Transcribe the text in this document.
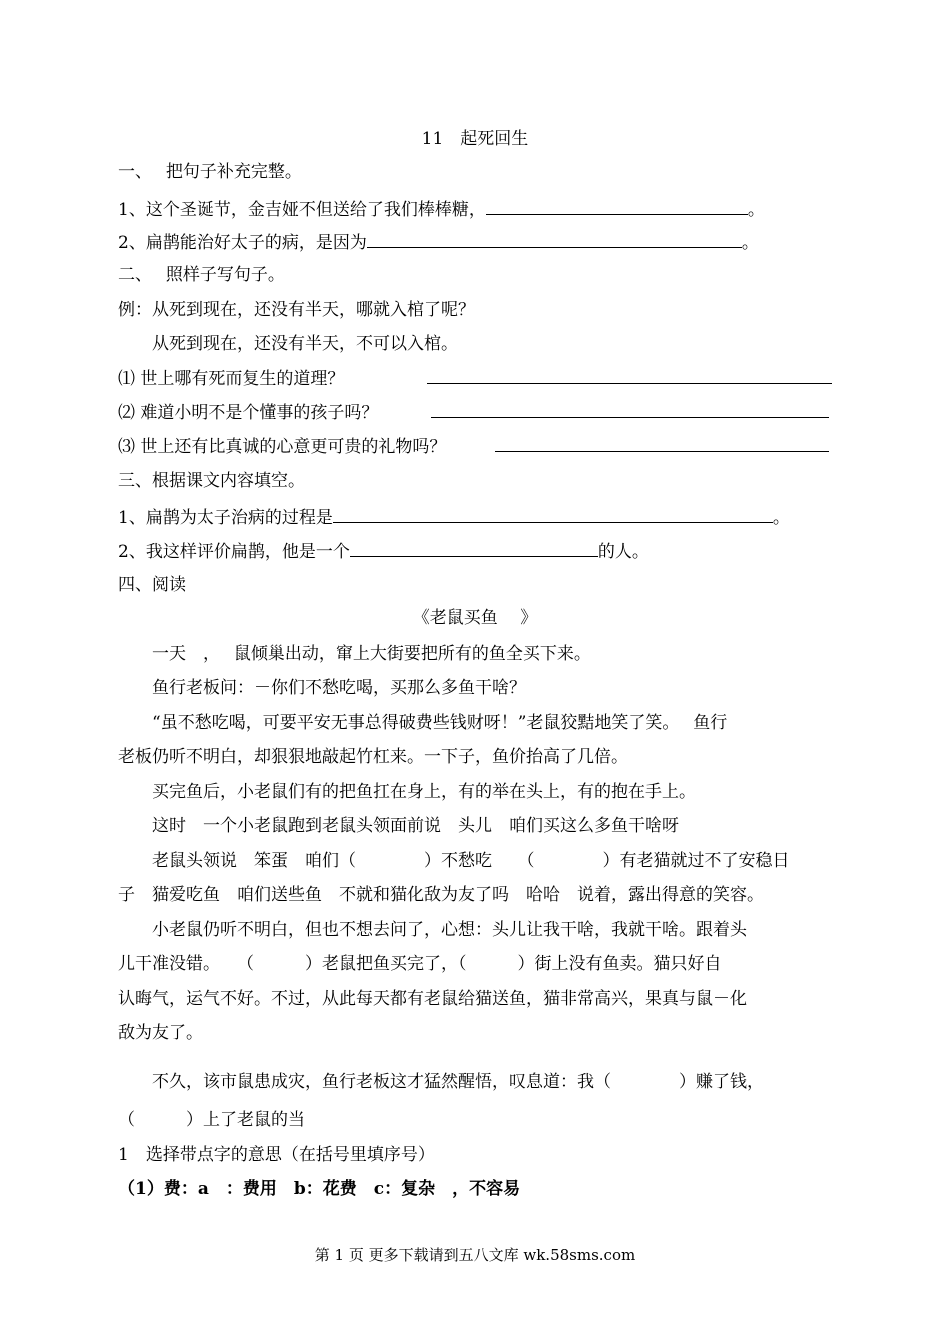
11　起死回生
一、　 把句子补充完整。
1、这个圣诞节，金吉娅不但送给了我们棒棒糖，	。
2、扁鹊能治好太子的病，是因为	。
二、　 照样子写句子。
例：从死到现在，还没有半天，哪就入棺了呢？
从死到现在，还没有半天，不可以入棺。
⑴ 世上哪有死而复生的道理？
⑵ 难道小明不是个懂事的孩子吗？
⑶ 世上还有比真诚的心意更可贵的礼物吗？
三、根据课文内容填空。
1、扁鹊为太子治病的过程是	。
2、我这样评价扁鹊，他是一个	的人。
四、阅读
《老鼠买鱼　 》
一天　，　 鼠倾巢出动，窜上大街要把所有的鱼全买下来。
鱼行老板问：－你们不愁吃喝，买那么多鱼干啥？
“虽不愁吃喝，可要平安无事总得破费些钱财呀！”老鼠狡黠地笑了笑。　 鱼行
老板仍听不明白，却狠狠地敲起竹杠来。一下子，鱼价抬高了几倍。
买完鱼后，小老鼠们有的把鱼扛在身上，有的举在头上，有的抱在手上。
这时　一个小老鼠跑到老鼠头领面前说　头儿　咱们买这么多鱼干啥呀
老鼠头领说　笨蛋　咱们（　　　　）不愁吃　　（　　　　）有老猫就过不了安稳日
子　猫爱吃鱼　咱们送些鱼　不就和猫化敌为友了吗　哈哈　说着，露出得意的笑容。
小老鼠仍听不明白，但也不想去问了，心想：头儿让我干啥，我就干啥。跟着头
儿干准没错。　　（　　　）老鼠把鱼买完了，（　　　）街上没有鱼卖。猫只好自
认晦气，运气不好。不过，从此每天都有老鼠给猫送鱼，猫非常高兴，果真与鼠－化
敌为友了。
不久，该市鼠患成灾，鱼行老板这才猛然醒悟，叹息道：我（　　　　）赚了钱，
（　　　）上了老鼠的当
1　选择带点字的意思（在括号里填序号）
（1）费：a　：费用　b：花费　c：复杂　，不容易
第 1 页 更多下载请到五八文库 wk.58sms.com
